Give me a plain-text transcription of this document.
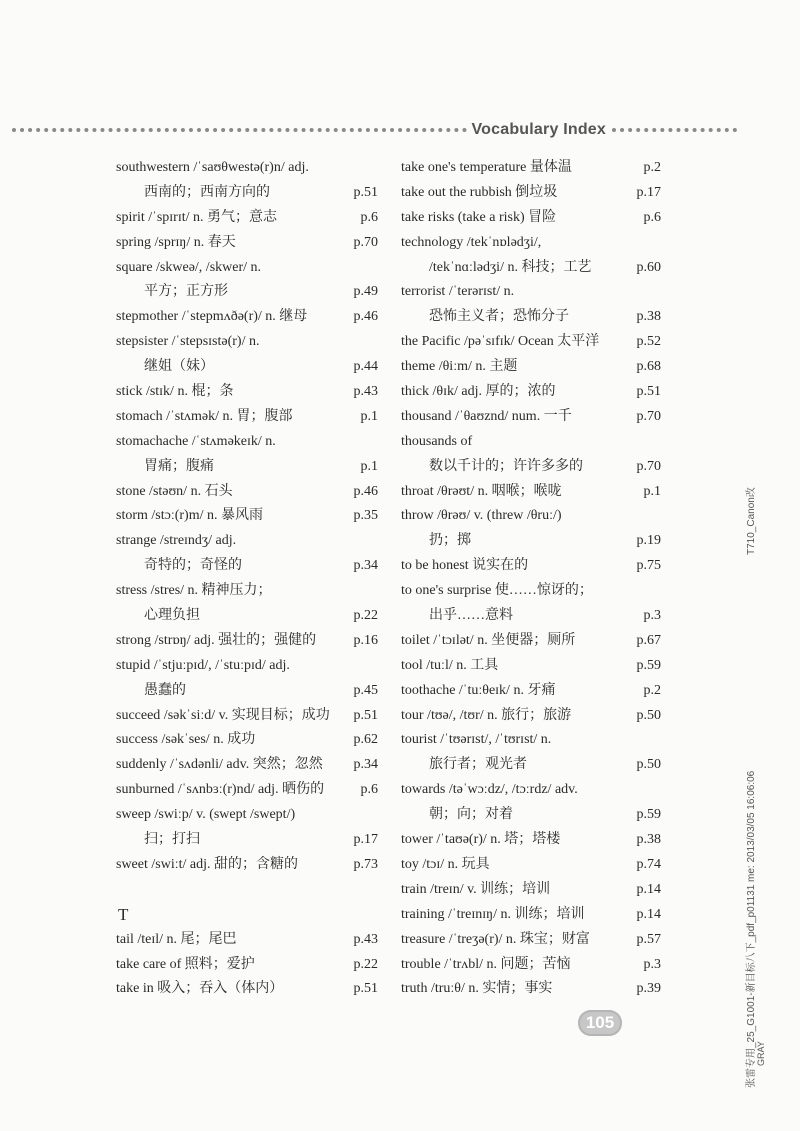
Vocabulary Index
southwestern /ˈsaʊθwestə(r)n/ adj.
西南的；西南方向的	p.51
spirit /ˈspɪrɪt/ n. 勇气；意志	p.6
spring /sprɪŋ/ n. 春天	p.70
square /skweə/, /skwer/ n.
平方；正方形	p.49
stepmother /ˈstepmʌðə(r)/ n. 继母	p.46
stepsister /ˈstepsɪstə(r)/ n.
继姐（妹）	p.44
stick /stɪk/ n. 棍；条	p.43
stomach /ˈstʌmək/ n. 胃；腹部	p.1
stomachache /ˈstʌməkeɪk/ n.
胃痛；腹痛	p.1
stone /stəʊn/ n. 石头	p.46
storm /stɔː(r)m/ n. 暴风雨	p.35
strange /streɪndʒ/ adj.
奇特的；奇怪的	p.34
stress /stres/ n. 精神压力；
心理负担	p.22
strong /strɒŋ/ adj. 强壮的；强健的	p.16
stupid /ˈstjuːpɪd/, /ˈstuːpɪd/ adj.
愚蠢的	p.45
succeed /səkˈsiːd/ v. 实现目标；成功 p.51
success /səkˈses/ n. 成功	p.62
suddenly /ˈsʌdənli/ adv. 突然；忽然 p.34
sunburned /ˈsʌnbɜː(r)nd/ adj. 晒伤的	p.6
sweep /swiːp/ v. (swept /swept/)
扫；打扫	p.17
sweet /swiːt/ adj. 甜的；含糖的	p.73
T
tail /teɪl/ n. 尾；尾巴	p.43
take care of 照料；爱护	p.22
take in 吸入；吞入（体内）	p.51
take one's temperature 量体温	p.2
take out the rubbish 倒垃圾	p.17
take risks (take a risk) 冒险	p.6
technology /tekˈnɒlədʒi/,
/tekˈnɑːlədʒi/ n. 科技；工艺	p.60
terrorist /ˈterərɪst/ n.
恐怖主义者；恐怖分子	p.38
the Pacific /pəˈsɪfɪk/ Ocean 太平洋	p.52
theme /θiːm/ n. 主题	p.68
thick /θɪk/ adj. 厚的；浓的	p.51
thousand /ˈθaʊznd/ num. 一千	p.70
thousands of
数以千计的；许许多多的	p.70
throat /θrəʊt/ n. 咽喉；喉咙	p.1
throw /θrəʊ/ v. (threw /θruː/)
扔；掷	p.19
to be honest 说实在的	p.75
to one's surprise 使……惊讶的；
出乎……意料	p.3
toilet /ˈtɔɪlət/ n. 坐便器；厕所	p.67
tool /tuːl/ n. 工具	p.59
toothache /ˈtuːθeɪk/ n. 牙痛	p.2
tour /tʊə/, /tʊr/ n. 旅行；旅游	p.50
tourist /ˈtʊərɪst/, /ˈtʊrɪst/ n.
旅行者；观光者	p.50
towards /təˈwɔːdz/, /tɔːrdz/ adv.
朝；向；对着	p.59
tower /ˈtaʊə(r)/ n. 塔；塔楼	p.38
toy /tɔɪ/ n. 玩具	p.74
train /treɪn/ v. 训练；培训	p.14
training /ˈtreɪnɪŋ/ n. 训练；培训	p.14
treasure /ˈtreʒə(r)/ n. 珠宝；财富	p.57
trouble /ˈtrʌbl/ n. 问题；苦恼	p.3
truth /truːθ/ n. 实情；事实	p.39
105
T710_Canon改
张雷专用_25_G1001-新目标八下_pdf_p01131 me: 2013/03/05 16:06:06 GRAY
